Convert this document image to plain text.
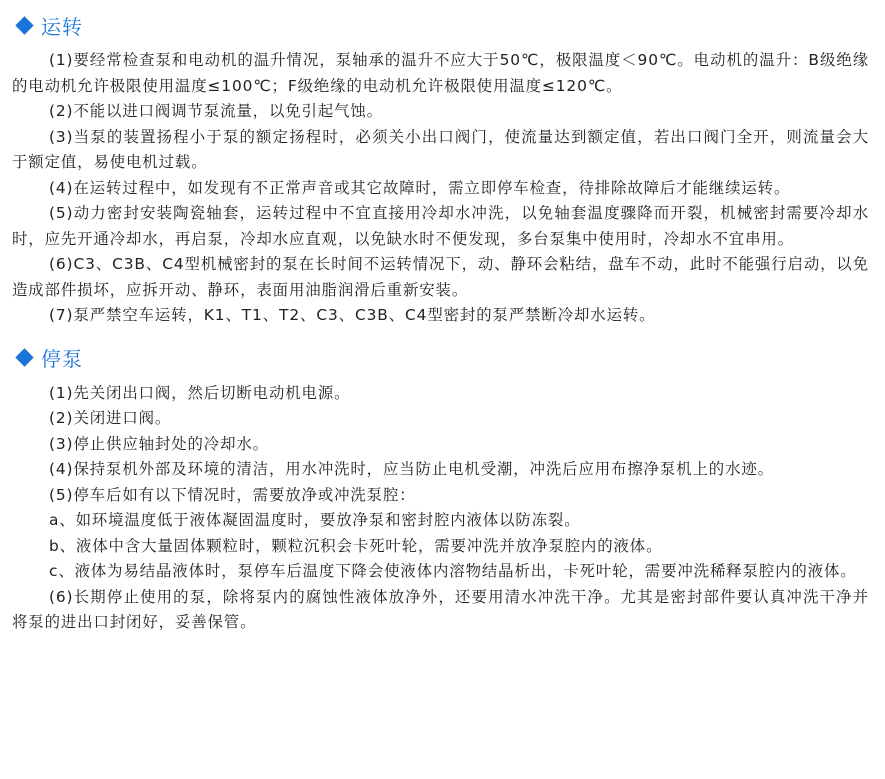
运转

(1)要经常检查泵和电动机的温升情况，泵轴承的温升不应大于50℃，极限温度＜90℃。电动机的温升：B级绝缘的电动机允许极限使用温度≤100℃；F级绝缘的电动机允许极限使用温度≤120℃。

(2)不能以进口阀调节泵流量，以免引起气蚀。

(3)当泵的装置扬程小于泵的额定扬程时，必须关小出口阀门，使流量达到额定值，若出口阀门全开，则流量会大于额定值，易使电机过载。

(4)在运转过程中，如发现有不正常声音或其它故障时，需立即停车检查，待排除故障后才能继续运转。

(5)动力密封安装陶瓷轴套，运转过程中不宜直接用冷却水冲洗，以免轴套温度骤降而开裂，机械密封需要冷却水时，应先开通冷却水，再启泵，冷却水应直观，以免缺水时不便发现，多台泵集中使用时，冷却水不宜串用。

(6)C3、C3B、C4型机械密封的泵在长时间不运转情况下，动、静环会粘结，盘车不动，此时不能强行启动，以免造成部件损坏，应拆开动、静环，表面用油脂润滑后重新安装。

(7)泵严禁空车运转，K1、T1、T2、C3、C3B、C4型密封的泵严禁断冷却水运转。

停泵

(1)先关闭出口阀，然后切断电动机电源。

(2)关闭进口阀。

(3)停止供应轴封处的冷却水。

(4)保持泵机外部及环境的清洁，用水冲洗时，应当防止电机受潮，冲洗后应用布擦净泵机上的水迹。

(5)停车后如有以下情况时，需要放净或冲洗泵腔：

a、如环境温度低于液体凝固温度时，要放净泵和密封腔内液体以防冻裂。

b、液体中含大量固体颗粒时，颗粒沉积会卡死叶轮，需要冲洗并放净泵腔内的液体。

c、液体为易结晶液体时，泵停车后温度下降会使液体内溶物结晶析出，卡死叶轮，需要冲洗稀释泵腔内的液体。

(6)长期停止使用的泵，除将泵内的腐蚀性液体放净外，还要用清水冲洗干净。尤其是密封部件要认真冲洗干净并将泵的进出口封闭好，妥善保管。
